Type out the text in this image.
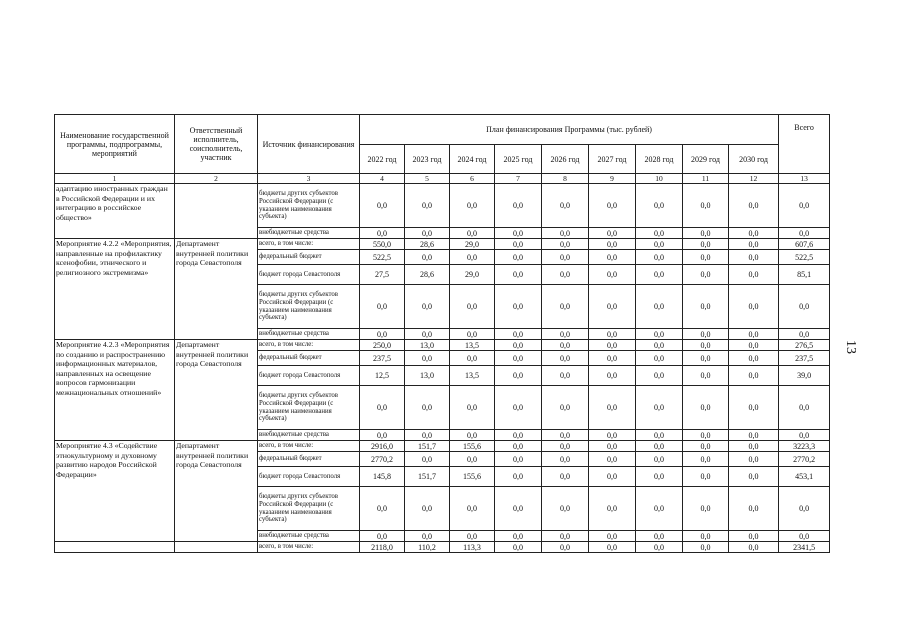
Наименование государственной программы, подпрограммы, мероприятий	Ответственный исполнитель, соисполнитель, участник	Источник финансирования	План финансирования Программы (тыс. рублей)									Всего
			2022 год	2023 год	2024 год	2025 год	2026 год	2027 год	2028 год	2029 год	2030 год	
1	2	3	4	5	6	7	8	9	10	11	12	13
адаптацию иностранных граждан в Российской Федерации и их интеграцию в российское общество»		бюджеты других субъектов Российской Федерации (с указанием наименования субъекта)	0,0	0,0	0,0	0,0	0,0	0,0	0,0	0,0	0,0	0,0
		внебюджетные средства	0,0	0,0	0,0	0,0	0,0	0,0	0,0	0,0	0,0	0,0
Мероприятие 4.2.2 «Мероприятия, направленные на профилактику ксенофобии, этнического и религиозного экстремизма»	Департамент внутренней политики города Севастополя	всего, в том числе:	550,0	28,6	29,0	0,0	0,0	0,0	0,0	0,0	0,0	607,6
		федеральный бюджет	522,5	0,0	0,0	0,0	0,0	0,0	0,0	0,0	0,0	522,5
		бюджет города Севастополя	27,5	28,6	29,0	0,0	0,0	0,0	0,0	0,0	0,0	85,1
		бюджеты других субъектов Российской Федерации (с указанием наименования субъекта)	0,0	0,0	0,0	0,0	0,0	0,0	0,0	0,0	0,0	0,0
		внебюджетные средства	0,0	0,0	0,0	0,0	0,0	0,0	0,0	0,0	0,0	0,0
Мероприятие 4.2.3 «Мероприятия по созданию и распространению информационных материалов, направленных на освещение вопросов гармонизации межнациональных отношений»	Департамент внутренней политики города Севастополя	всего, в том числе:	250,0	13,0	13,5	0,0	0,0	0,0	0,0	0,0	0,0	276,5
		федеральный бюджет	237,5	0,0	0,0	0,0	0,0	0,0	0,0	0,0	0,0	237,5
		бюджет города Севастополя	12,5	13,0	13,5	0,0	0,0	0,0	0,0	0,0	0,0	39,0
		бюджеты других субъектов Российской Федерации (с указанием наименования субъекта)	0,0	0,0	0,0	0,0	0,0	0,0	0,0	0,0	0,0	0,0
		внебюджетные средства	0,0	0,0	0,0	0,0	0,0	0,0	0,0	0,0	0,0	0,0
Мероприятие 4.3 «Содействие этнокультурному и духовному развитию народов Российской Федерации»	Департамент внутренней политики города Севастополя	всего, в том числе:	2916,0	151,7	155,6	0,0	0,0	0,0	0,0	0,0	0,0	3223,3
		федеральный бюджет	2770,2	0,0	0,0	0,0	0,0	0,0	0,0	0,0	0,0	2770,2
		бюджет города Севастополя	145,8	151,7	155,6	0,0	0,0	0,0	0,0	0,0	0,0	453,1
		бюджеты других субъектов Российской Федерации (с указанием наименования субъекта)	0,0	0,0	0,0	0,0	0,0	0,0	0,0	0,0	0,0	0,0
		внебюджетные средства	0,0	0,0	0,0	0,0	0,0	0,0	0,0	0,0	0,0	0,0
		всего, в том числе:	2118,0	110,2	113,3	0,0	0,0	0,0	0,0	0,0	0,0	2341,5
13
